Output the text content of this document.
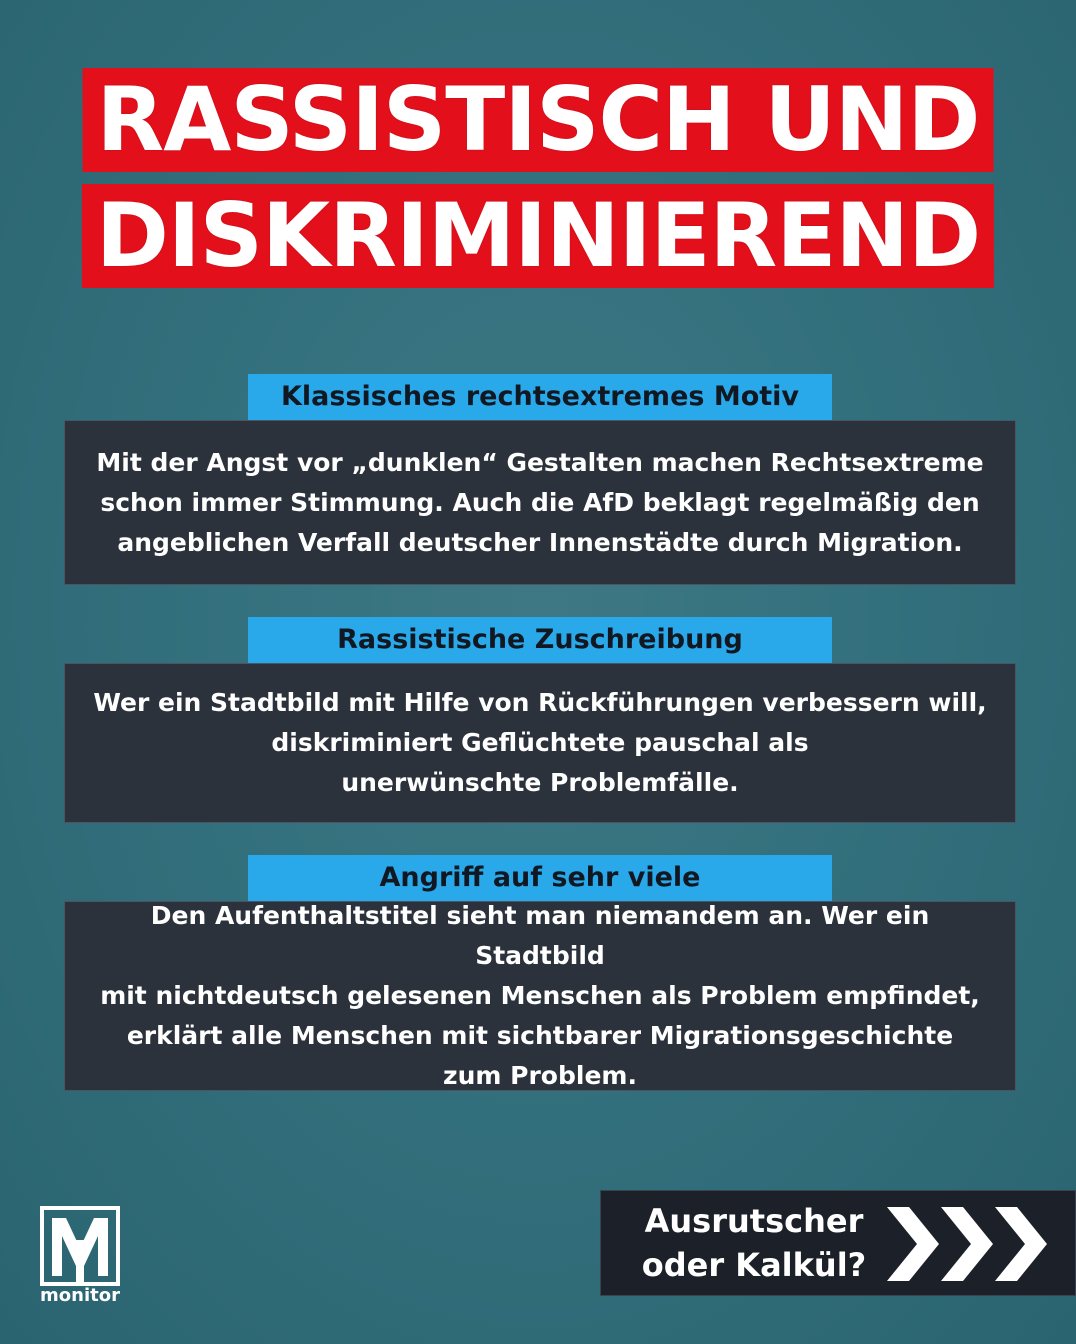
RASSISTISCH UND
DISKRIMINIEREND
Klassisches rechtsextremes Motiv
Mit der Angst vor „dunklen“ Gestalten machen Rechtsextreme
schon immer Stimmung. Auch die AfD beklagt regelmäßig den
angeblichen Verfall deutscher Innenstädte durch Migration.
Rassistische Zuschreibung
Wer ein Stadtbild mit Hilfe von Rückführungen verbessern will,
diskriminiert Geflüchtete pauschal als
unerwünschte Problemfälle.
Angriff auf sehr viele
Den Aufenthaltstitel sieht man niemandem an. Wer ein Stadtbild
mit nichtdeutsch gelesenen Menschen als Problem empfindet,
erklärt alle Menschen mit sichtbarer Migrationsgeschichte
zum Problem.
monitor
Ausrutscher
oder Kalkül?
